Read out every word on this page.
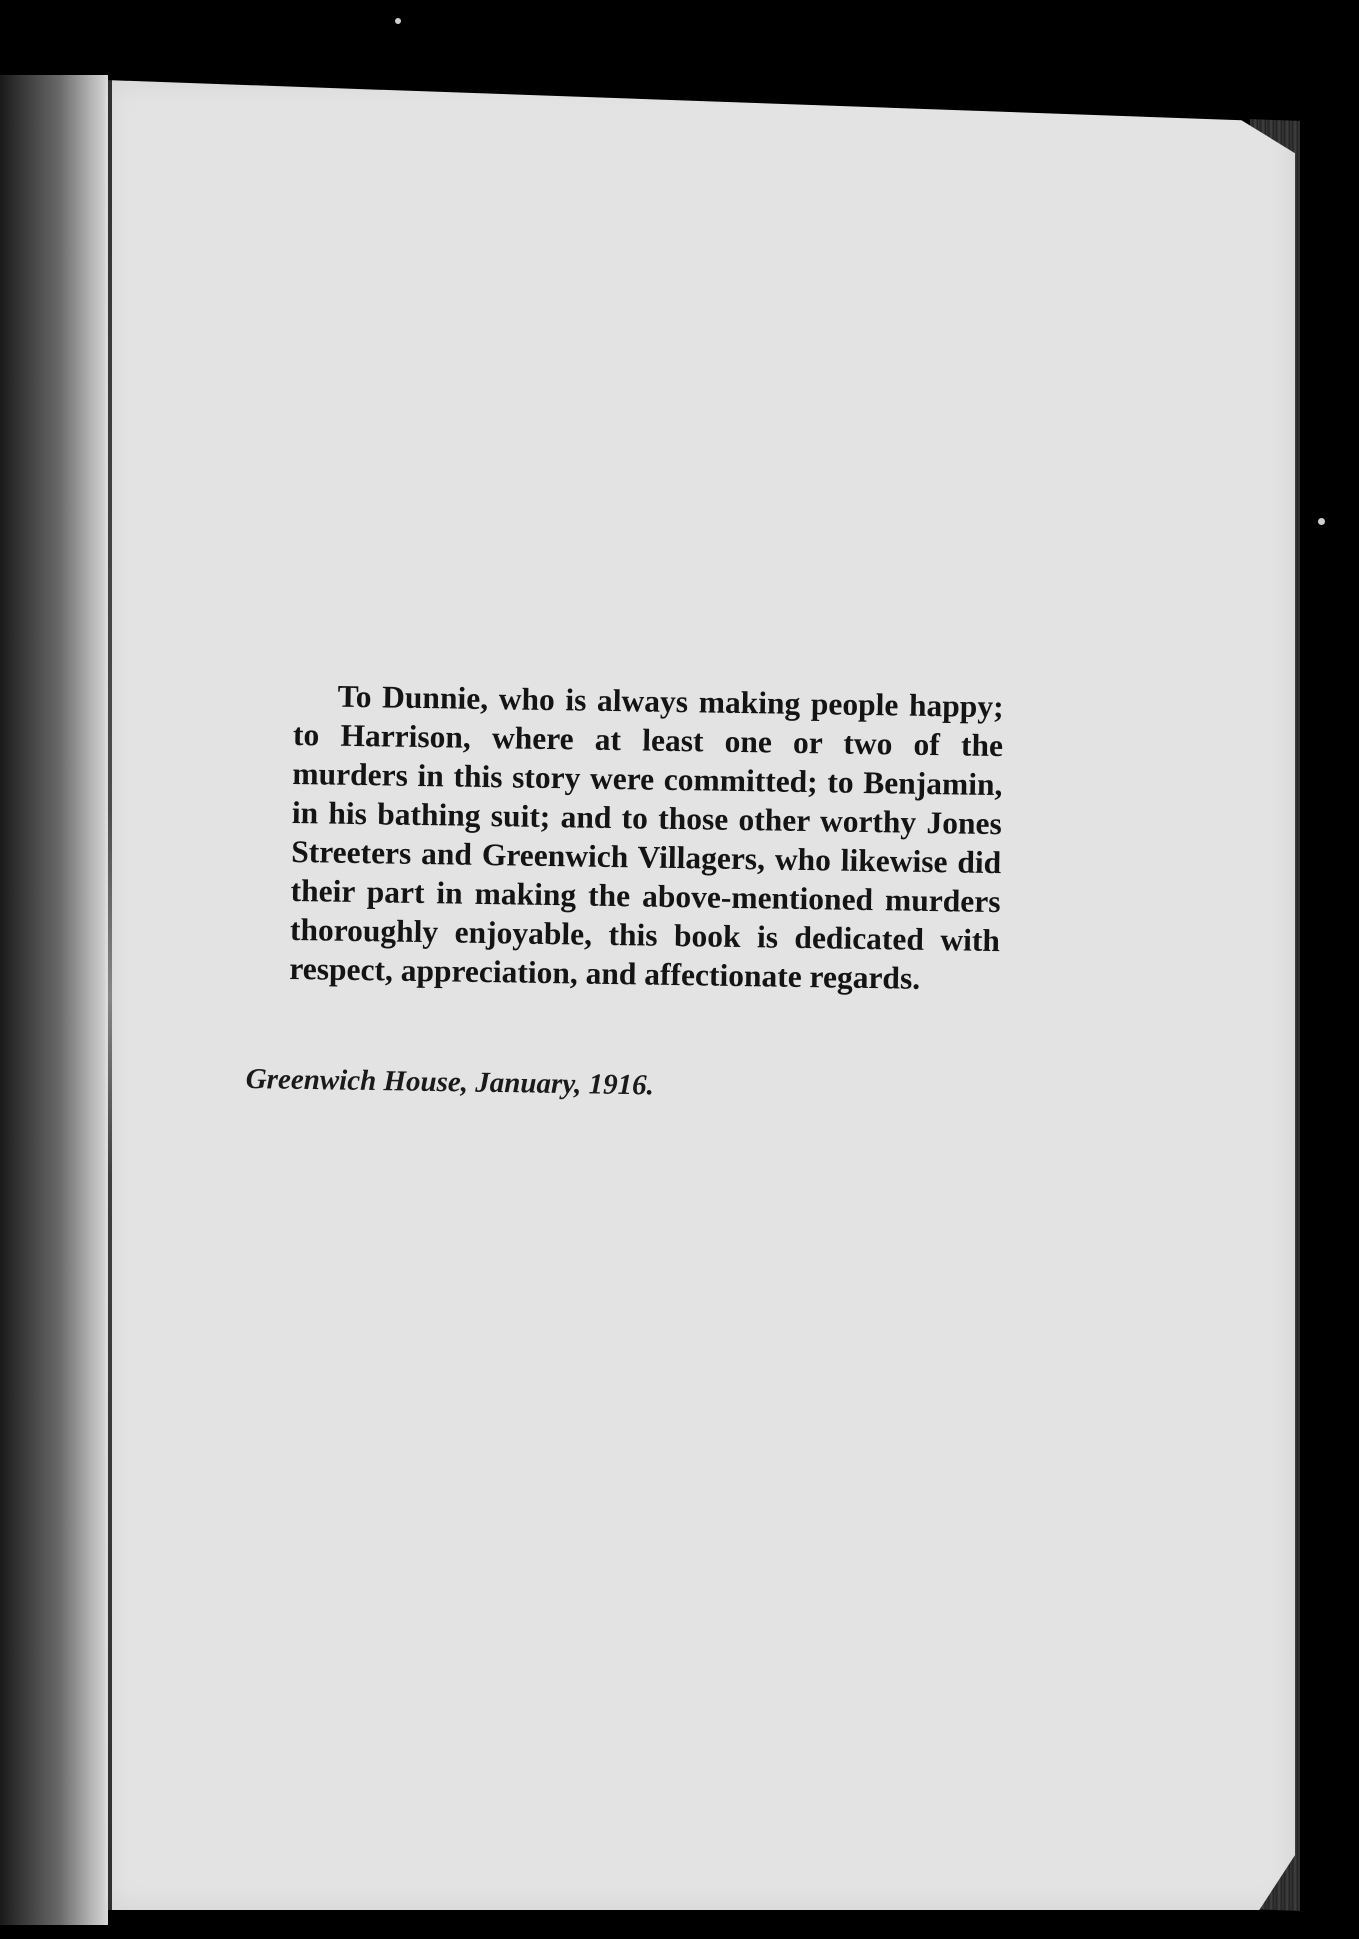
To Dunnie, who is always making people happy; to Harrison, where at least one or two of the murders in this story were committed; to Benjamin, in his bathing suit; and to those other worthy Jones Streeters and Greenwich Villagers, who likewise did their part in making the above-mentioned murders thoroughly enjoyable, this book is dedicated with respect, appreciation, and affectionate regards.

Greenwich House, January, 1916.
